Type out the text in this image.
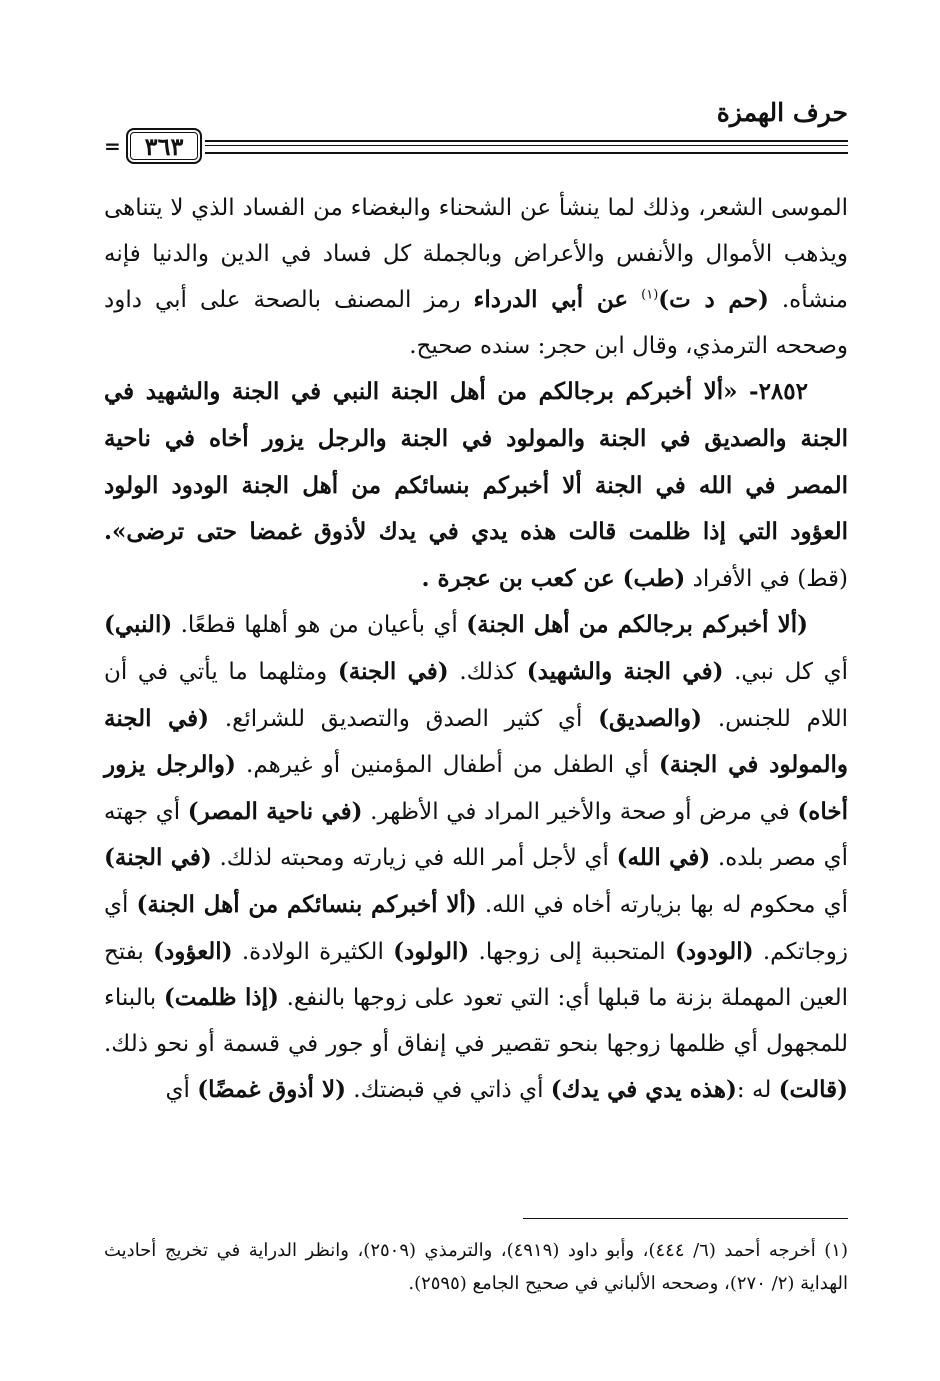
حرف الهمزة
= ٣٦٣

الموسى الشعر، وذلك لما ينشأ عن الشحناء والبغضاء من الفساد الذي لا يتناهى ويذهب الأموال والأنفس والأعراض وبالجملة كل فساد في الدين والدنيا فإنه منشأه. (حم د ت)$^{(١)}$ عن أبي الدرداء رمز المصنف بالصحة على أبي داود وصححه الترمذي، وقال ابن حجر: سنده صحيح.

٢٨٥٢- «ألا أخبركم برجالكم من أهل الجنة النبي في الجنة والشهيد في الجنة والصديق في الجنة والمولود في الجنة والرجل يزور أخاه في ناحية المصر في الله في الجنة ألا أخبركم بنسائكم من أهل الجنة الودود الولود العؤود التي إذا ظلمت قالت هذه يدي في يدك لأذوق غمضا حتى ترضى». (قط) في الأفراد (طب) عن كعب بن عجرة .

(ألا أخبركم برجالكم من أهل الجنة) أي بأعيان من هو أهلها قطعًا. (النبي) أي كل نبي. (في الجنة والشهيد) كذلك. (في الجنة) ومثلهما ما يأتي في أن اللام للجنس. (والصديق) أي كثير الصدق والتصديق للشرائع. (في الجنة والمولود في الجنة) أي الطفل من أطفال المؤمنين أو غيرهم. (والرجل يزور أخاه) في مرض أو صحة والأخير المراد في الأظهر. (في ناحية المصر) أي جهته أي مصر بلده. (في الله) أي لأجل أمر الله في زيارته ومحبته لذلك. (في الجنة) أي محكوم له بها بزيارته أخاه في الله. (ألا أخبركم بنسائكم من أهل الجنة) أي زوجاتكم. (الودود) المتحببة إلى زوجها. (الولود) الكثيرة الولادة. (العؤود) بفتح العين المهملة بزنة ما قبلها أي: التي تعود على زوجها بالنفع. (إذا ظلمت) بالبناء للمجهول أي ظلمها زوجها بنحو تقصير في إنفاق أو جور في قسمة أو نحو ذلك. (قالت) له :(هذه يدي في يدك) أي ذاتي في قبضتك. (لا أذوق غمضًا) أي

(١) أخرجه أحمد (٦/ ٤٤٤)، وأبو داود (٤٩١٩)، والترمذي (٢٥٠٩)، وانظر الدراية في تخريج أحاديث الهداية (٢/ ٢٧٠)، وصححه الألباني في صحيح الجامع (٢٥٩٥).
